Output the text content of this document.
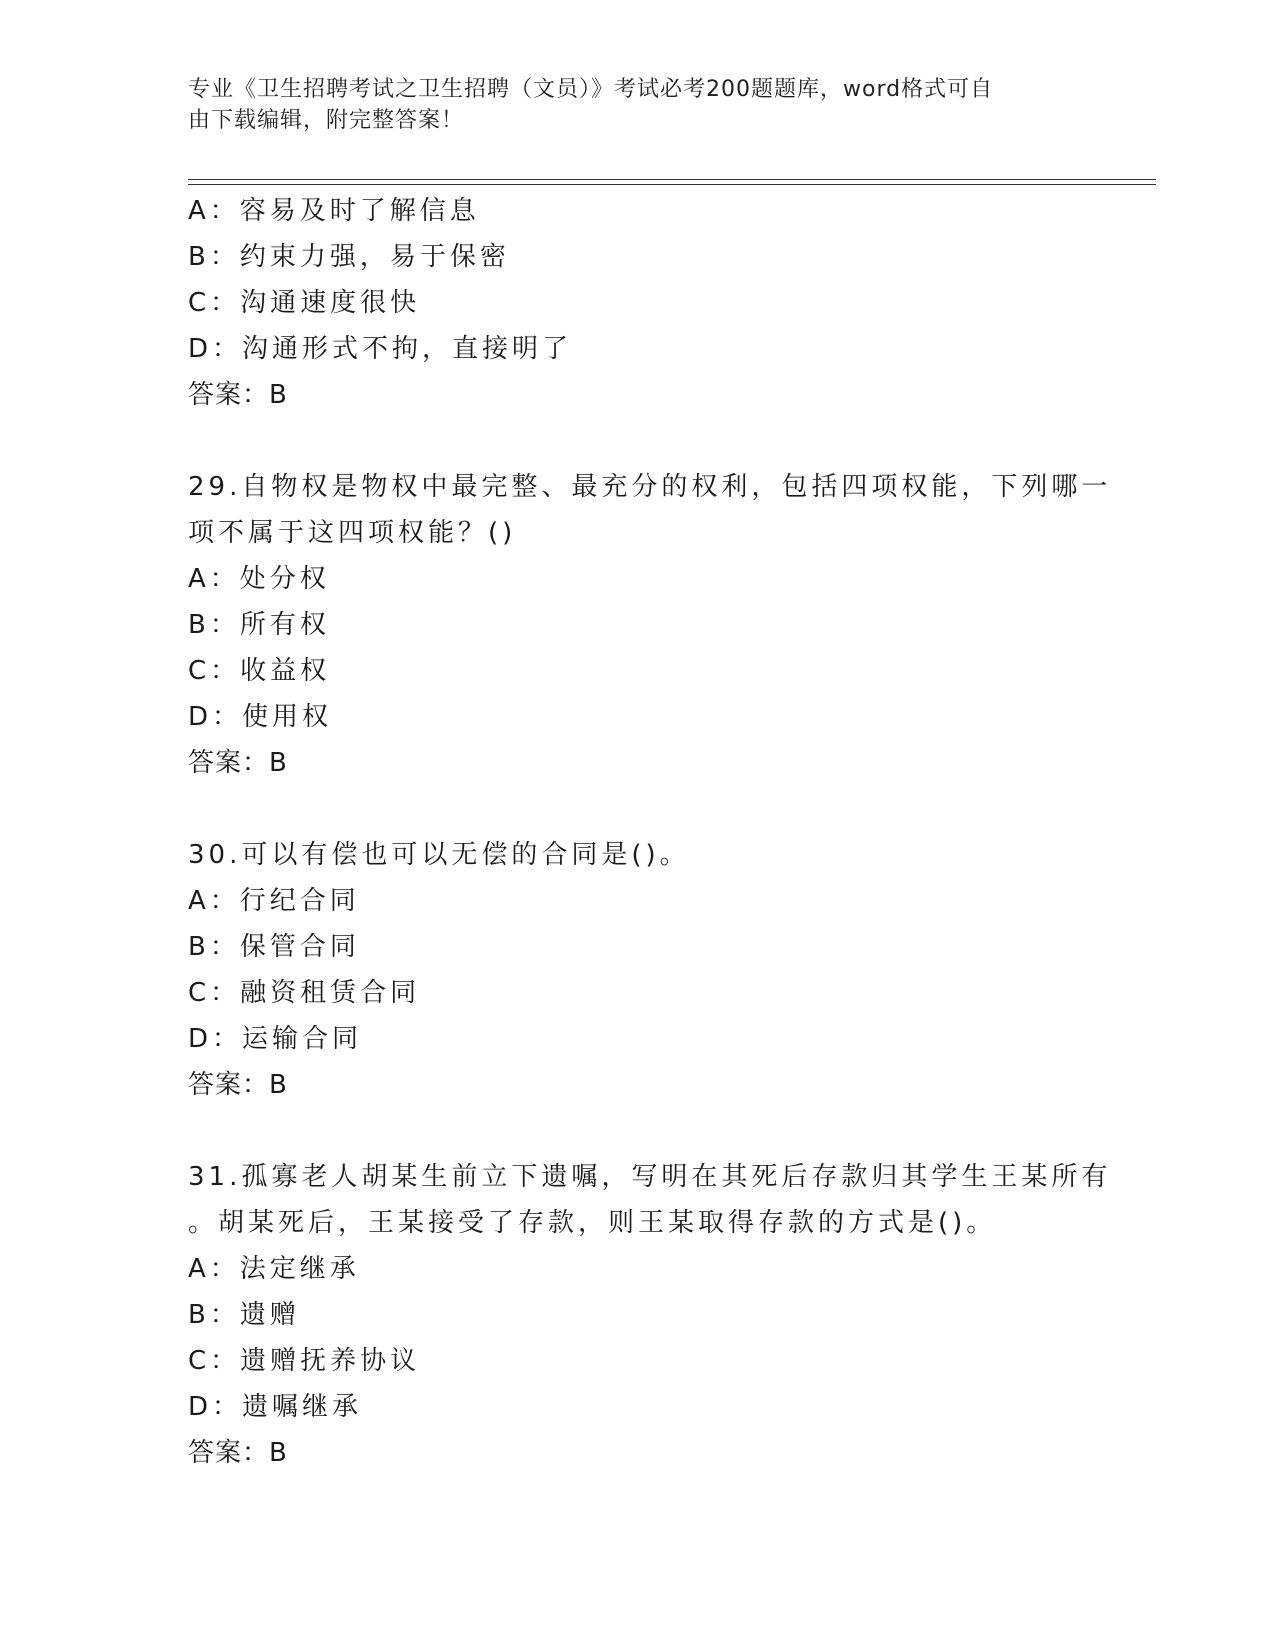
专业《卫生招聘考试之卫生招聘（文员）》考试必考200题题库，word格式可自
由下载编辑，附完整答案！
A：容易及时了解信息
B：约束力强，易于保密
C：沟通速度很快
D：沟通形式不拘，直接明了
答案：B
29.自物权是物权中最完整、最充分的权利，包括四项权能，下列哪一
项不属于这四项权能？()
A：处分权
B：所有权
C：收益权
D：使用权
答案：B
30.可以有偿也可以无偿的合同是()。
A：行纪合同
B：保管合同
C：融资租赁合同
D：运输合同
答案：B
31.孤寡老人胡某生前立下遗嘱，写明在其死后存款归其学生王某所有
。胡某死后，王某接受了存款，则王某取得存款的方式是()。
A：法定继承
B：遗赠
C：遗赠抚养协议
D：遗嘱继承
答案：B
